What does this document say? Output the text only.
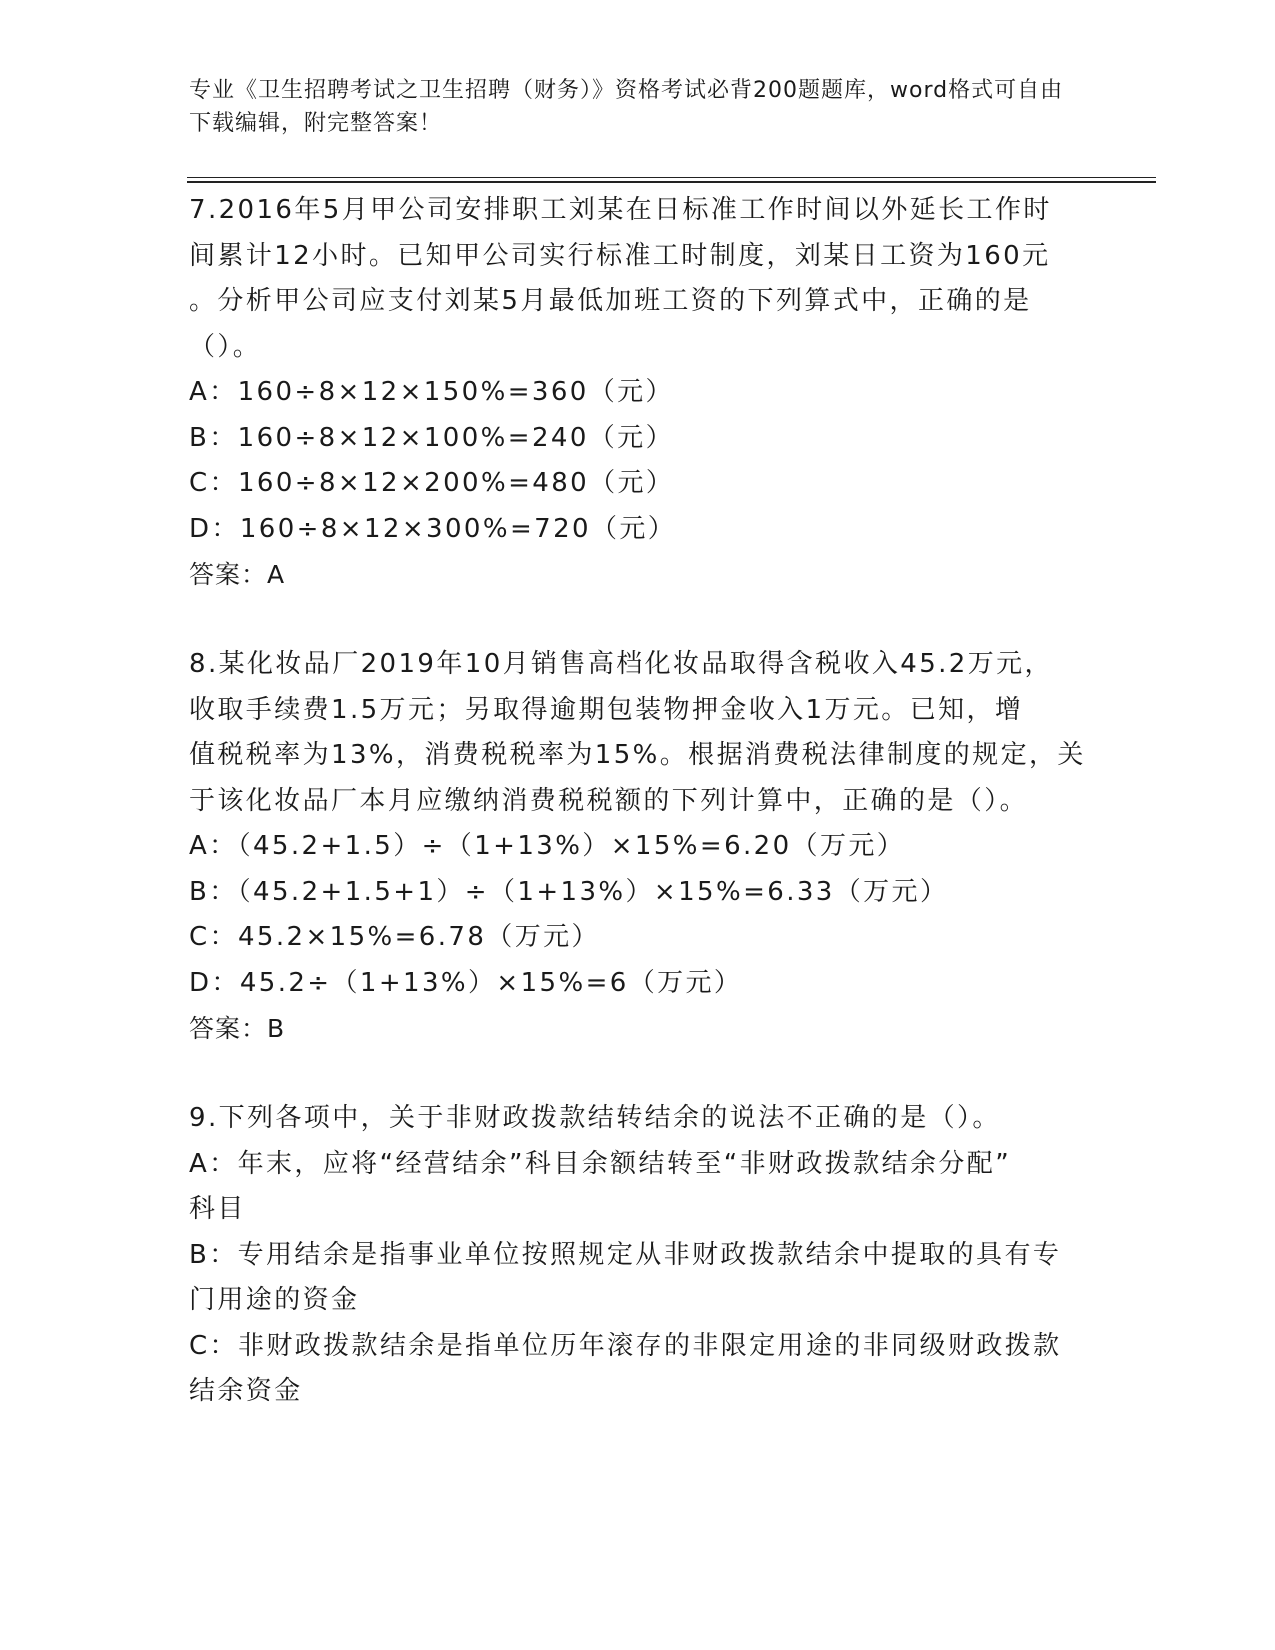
专业《卫生招聘考试之卫生招聘（财务）》资格考试必背200题题库，word格式可自由下载编辑，附完整答案！

7.2016年5月甲公司安排职工刘某在日标准工作时间以外延长工作时

间累计12小时。已知甲公司实行标准工时制度，刘某日工资为160元

。分析甲公司应支付刘某5月最低加班工资的下列算式中，正确的是

（）。

A：160÷8×12×150%=360（元）

B：160÷8×12×100%=240（元）

C：160÷8×12×200%=480（元）

D：160÷8×12×300%=720（元）

答案：A

8.某化妆品厂2019年10月销售高档化妆品取得含税收入45.2万元，

收取手续费1.5万元；另取得逾期包装物押金收入1万元。已知，增

值税税率为13%，消费税税率为15%。根据消费税法律制度的规定，关

于该化妆品厂本月应缴纳消费税税额的下列计算中，正确的是（）。

A：（45.2+1.5）÷（1+13%）×15%=6.20（万元）

B：（45.2+1.5+1）÷（1+13%）×15%=6.33（万元）

C：45.2×15%=6.78（万元）

D：45.2÷（1+13%）×15%=6（万元）

答案：B

9.下列各项中，关于非财政拨款结转结余的说法不正确的是（）。

A：年末，应将“经营结余”科目余额结转至“非财政拨款结余分配”
科目

B：专用结余是指事业单位按照规定从非财政拨款结余中提取的具有专
门用途的资金

C：非财政拨款结余是指单位历年滚存的非限定用途的非同级财政拨款
结余资金
